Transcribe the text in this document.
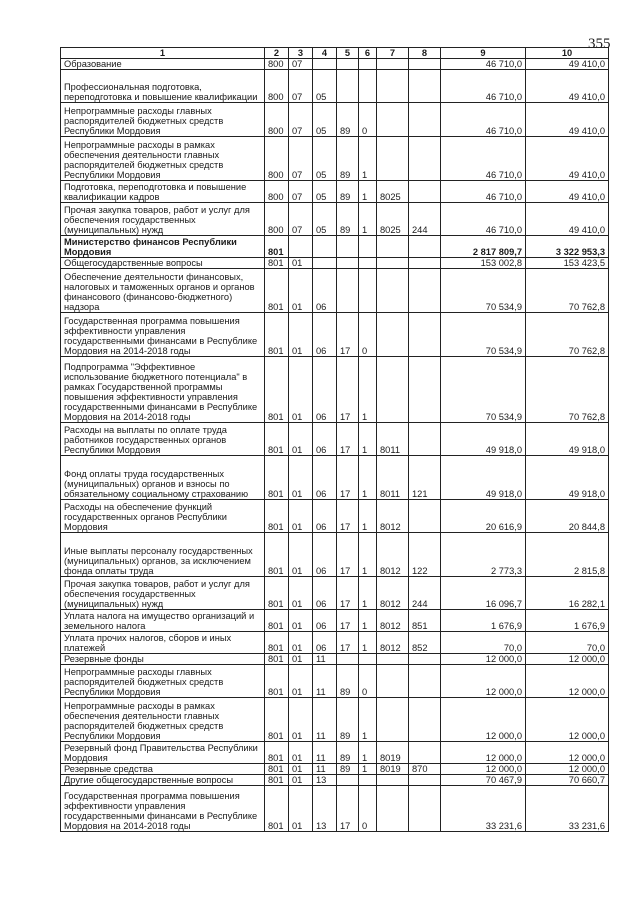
355
1	2	3	4	5	6	7	8	9	10
Образование	800	07						46 710,0	49 410,0
Профессиональная подготовка, переподготовка и повышение квалификации	800	07	05					46 710,0	49 410,0
Непрограммные расходы главных распорядителей бюджетных средств Республики Мордовия	800	07	05	89	0			46 710,0	49 410,0
Непрограммные расходы в рамках обеспечения деятельности главных распорядителей бюджетных средств Республики Мордовия	800	07	05	89	1			46 710,0	49 410,0
Подготовка, переподготовка и повышение квалификации кадров	800	07	05	89	1	8025		46 710,0	49 410,0
Прочая закупка товаров, работ и услуг для обеспечения государственных (муниципальных) нужд	800	07	05	89	1	8025	244	46 710,0	49 410,0
Министерство финансов Республики Мордовия	801							2 817 809,7	3 322 953,3
Общегосударственные вопросы	801	01						153 002,8	153 423,5
Обеспечение деятельности финансовых, налоговых и таможенных органов и органов финансового (финансово-бюджетного) надзора	801	01	06					70 534,9	70 762,8
Государственная программа повышения эффективности управления государственными финансами в Республике Мордовия на 2014-2018 годы	801	01	06	17	0			70 534,9	70 762,8
Подпрограмма "Эффективное использование бюджетного потенциала" в рамках Государственной программы повышения эффективности управления государственными финансами в Республике Мордовия на 2014-2018 годы	801	01	06	17	1			70 534,9	70 762,8
Расходы на выплаты по оплате труда работников государственных органов Республики Мордовия	801	01	06	17	1	8011		49 918,0	49 918,0
Фонд оплаты труда государственных (муниципальных) органов и взносы по обязательному социальному страхованию	801	01	06	17	1	8011	121	49 918,0	49 918,0
Расходы на обеспечение функций государственных органов Республики Мордовия	801	01	06	17	1	8012		20 616,9	20 844,8
Иные выплаты персоналу государственных (муниципальных) органов, за исключением фонда оплаты труда	801	01	06	17	1	8012	122	2 773,3	2 815,8
Прочая закупка товаров, работ и услуг для обеспечения государственных (муниципальных) нужд	801	01	06	17	1	8012	244	16 096,7	16 282,1
Уплата налога на имущество организаций и земельного налога	801	01	06	17	1	8012	851	1 676,9	1 676,9
Уплата прочих налогов, сборов и иных платежей	801	01	06	17	1	8012	852	70,0	70,0
Резервные фонды	801	01	11					12 000,0	12 000,0
Непрограммные расходы главных распорядителей бюджетных средств Республики Мордовия	801	01	11	89	0			12 000,0	12 000,0
Непрограммные расходы в рамках обеспечения деятельности главных распорядителей бюджетных средств Республики Мордовия	801	01	11	89	1			12 000,0	12 000,0
Резервный фонд Правительства Республики Мордовия	801	01	11	89	1	8019		12 000,0	12 000,0
Резервные средства	801	01	11	89	1	8019	870	12 000,0	12 000,0
Другие общегосударственные вопросы	801	01	13					70 467,9	70 660,7
Государственная программа повышения эффективности управления государственными финансами в Республике Мордовия на 2014-2018 годы	801	01	13	17	0			33 231,6	33 231,6
